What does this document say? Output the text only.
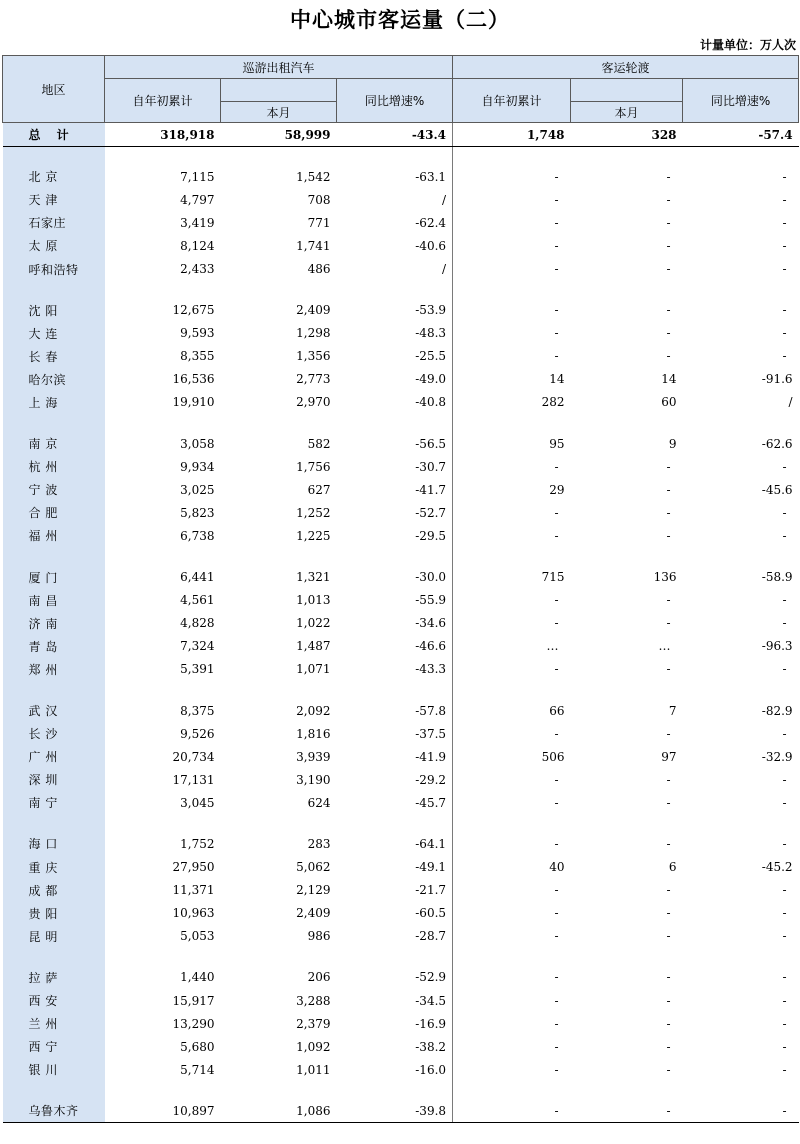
中心城市客运量（二）
计量单位：万人次
地区	巡游出租汽车			客运轮渡		
	自年初累计		同比增速%	自年初累计		同比增速%
		本月			本月	
总 计	318,918	58,999	-43.4	1,748	328	-57.4

北 京	7,115	1,542	-63.1	-	-	-
天 津	4,797	708	/	-	-	-
石家庄	3,419	771	-62.4	-	-	-
太 原	8,124	1,741	-40.6	-	-	-
呼和浩特	2,433	486	/	-	-	-

沈 阳	12,675	2,409	-53.9	-	-	-
大 连	9,593	1,298	-48.3	-	-	-
长 春	8,355	1,356	-25.5	-	-	-
哈尔滨	16,536	2,773	-49.0	14	14	-91.6
上 海	19,910	2,970	-40.8	282	60	/

南 京	3,058	582	-56.5	95	9	-62.6
杭 州	9,934	1,756	-30.7	-	-	-
宁 波	3,025	627	-41.7	29	-	-45.6
合 肥	5,823	1,252	-52.7	-	-	-
福 州	6,738	1,225	-29.5	-	-	-

厦 门	6,441	1,321	-30.0	715	136	-58.9
南 昌	4,561	1,013	-55.9	-	-	-
济 南	4,828	1,022	-34.6	-	-	-
青 岛	7,324	1,487	-46.6	…	…	-96.3
郑 州	5,391	1,071	-43.3	-	-	-

武 汉	8,375	2,092	-57.8	66	7	-82.9
长 沙	9,526	1,816	-37.5	-	-	-
广 州	20,734	3,939	-41.9	506	97	-32.9
深 圳	17,131	3,190	-29.2	-	-	-
南 宁	3,045	624	-45.7	-	-	-

海 口	1,752	283	-64.1	-	-	-
重 庆	27,950	5,062	-49.1	40	6	-45.2
成 都	11,371	2,129	-21.7	-	-	-
贵 阳	10,963	2,409	-60.5	-	-	-
昆 明	5,053	986	-28.7	-	-	-

拉 萨	1,440	206	-52.9	-	-	-
西 安	15,917	3,288	-34.5	-	-	-
兰 州	13,290	2,379	-16.9	-	-	-
西 宁	5,680	1,092	-38.2	-	-	-
银 川	5,714	1,011	-16.0	-	-	-

乌鲁木齐	10,897	1,086	-39.8	-	-	-
